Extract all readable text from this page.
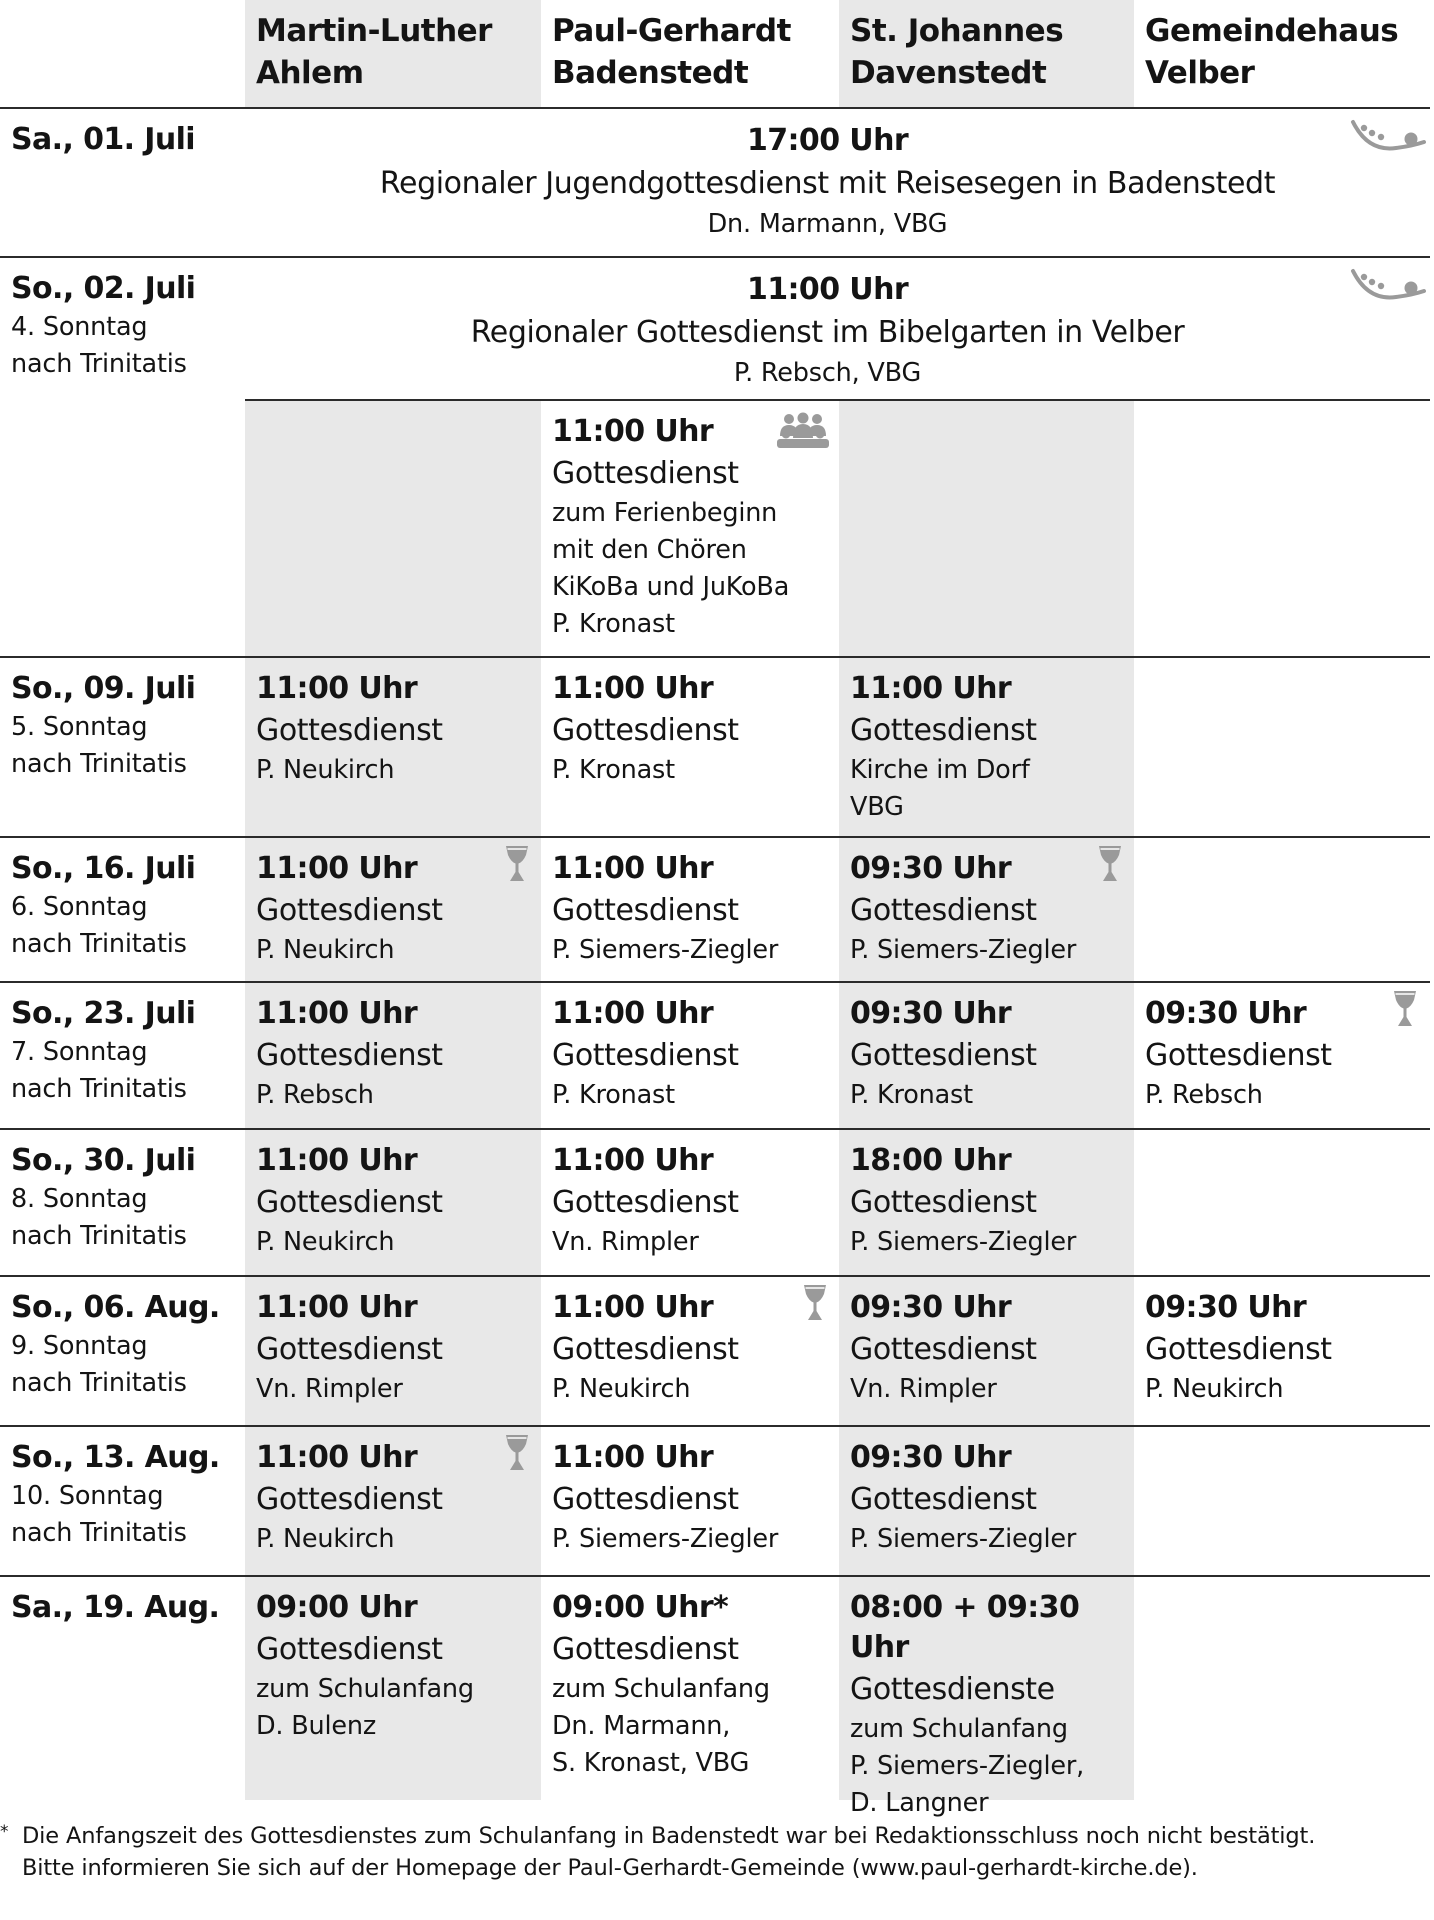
Martin-Luther
Ahlem
Paul-Gerhardt
Badenstedt
St. Johannes
Davenstedt
Gemeindehaus
Velber
Sa., 01. Juli	17:00 Uhr
Regionaler Jugendgottesdienst mit Reisesegen in Badenstedt
Dn. Marmann, VBG
So., 02. Juli
4. Sonntag
nach Trinitatis
11:00 Uhr
Regionaler Gottesdienst im Bibelgarten in Velber
P. Rebsch, VBG
11:00 Uhr
Gottesdienst
zum Ferienbeginn
mit den Chören
KiKoBa und JuKoBa
P. Kronast
So., 09. Juli
5. Sonntag
nach Trinitatis
11:00 Uhr
Gottesdienst
P. Neukirch
11:00 Uhr
Gottesdienst
P. Kronast
11:00 Uhr
Gottesdienst
Kirche im Dorf
VBG
So., 16. Juli
6. Sonntag
nach Trinitatis
11:00 Uhr
Gottesdienst
P. Neukirch
11:00 Uhr
Gottesdienst
P. Siemers-Ziegler
09:30 Uhr
Gottesdienst
P. Siemers-Ziegler
So., 23. Juli
7. Sonntag
nach Trinitatis
11:00 Uhr
Gottesdienst
P. Rebsch
11:00 Uhr
Gottesdienst
P. Kronast
09:30 Uhr
Gottesdienst
P. Kronast
09:30 Uhr
Gottesdienst
P. Rebsch
So., 30. Juli
8. Sonntag
nach Trinitatis
11:00 Uhr
Gottesdienst
P. Neukirch
11:00 Uhr
Gottesdienst
Vn. Rimpler
18:00 Uhr
Gottesdienst
P. Siemers-Ziegler
So., 06. Aug.
9. Sonntag
nach Trinitatis
11:00 Uhr
Gottesdienst
Vn. Rimpler
11:00 Uhr
Gottesdienst
P. Neukirch
09:30 Uhr
Gottesdienst
Vn. Rimpler
09:30 Uhr
Gottesdienst
P. Neukirch
So., 13. Aug.
10. Sonntag
nach Trinitatis
11:00 Uhr
Gottesdienst
P. Neukirch
11:00 Uhr
Gottesdienst
P. Siemers-Ziegler
09:30 Uhr
Gottesdienst
P. Siemers-Ziegler
Sa., 19. Aug.	09:00 Uhr
Gottesdienst
zum Schulanfang
D. Bulenz
09:00 Uhr*
Gottesdienst
zum Schulanfang
Dn. Marmann,
S. Kronast, VBG
08:00 + 09:30 Uhr
Gottesdienste
zum Schulanfang
P. Siemers-Ziegler,
D. Langner
* Die Anfangszeit des Gottesdienstes zum Schulanfang in Badenstedt war bei Redaktionsschluss noch nicht bestätigt.
Bitte informieren Sie sich auf der Homepage der Paul-Gerhardt-Gemeinde (www.paul-gerhardt-kirche.de).
